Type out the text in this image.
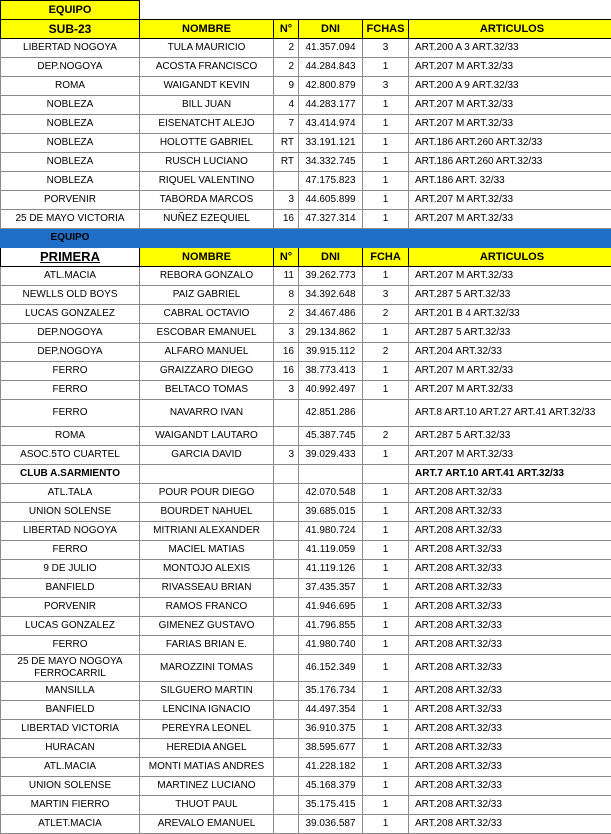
EQUIPO					
SUB-23	NOMBRE	N°	DNI	FCHAS	ARTICULOS
LIBERTAD NOGOYA	TULA MAURICIO	2	41.357.094	3	ART.200 A 3 ART.32/33
DEP.NOGOYA	ACOSTA FRANCISCO	2	44.284.843	1	ART.207 M ART.32/33
ROMA	WAIGANDT KEVIN	9	42.800.879	3	ART.200 A 9 ART.32/33
NOBLEZA	BILL JUAN	4	44.283.177	1	ART.207 M ART.32/33
NOBLEZA	EISENATCHT ALEJO	7	43.414.974	1	ART.207 M ART.32/33
NOBLEZA	HOLOTTE GABRIEL	RT	33.191.121	1	ART.186 ART.260 ART.32/33
NOBLEZA	RUSCH LUCIANO	RT	34.332.745	1	ART.186 ART.260 ART.32/33
NOBLEZA	RIQUEL VALENTINO		47.175.823	1	ART.186 ART. 32/33
PORVENIR	TABORDA MARCOS	3	44.605.899	1	ART.207 M ART.32/33
25 DE MAYO VICTORIA	NUÑEZ EZEQUIEL	16	47.327.314	1	ART.207 M ART.32/33
EQUIPO					
PRIMERA	NOMBRE	N°	DNI	FCHA	ARTICULOS
ATL.MACIA	REBORA GONZALO	11	39.262.773	1	ART.207 M ART.32/33
NEWLLS OLD BOYS	PAIZ GABRIEL	8	34.392.648	3	ART.287 5 ART.32/33
LUCAS GONZALEZ	CABRAL OCTAVIO	2	34.467.486	2	ART.201 B 4 ART.32/33
DEP.NOGOYA	ESCOBAR EMANUEL	3	29.134.862	1	ART.287 5 ART.32/33
DEP.NOGOYA	ALFARO MANUEL	16	39.915.112	2	ART.204 ART.32/33
FERRO	GRAIZZARO DIEGO	16	38.773.413	1	ART.207 M ART.32/33
FERRO	BELTACO TOMAS	3	40.992.497	1	ART.207 M ART.32/33
FERRO	NAVARRO IVAN		42.851.286		ART.8 ART.10 ART.27 ART.41 ART.32/33
ROMA	WAIGANDT LAUTARO		45.387.745	2	ART.287 5 ART.32/33
ASOC.5TO CUARTEL	GARCIA DAVID	3	39.029.433	1	ART.207 M ART.32/33
CLUB A.SARMIENTO					ART.7 ART.10 ART.41 ART.32/33
ATL.TALA	POUR POUR DIEGO		42.070.548	1	ART.208 ART.32/33
UNION SOLENSE	BOURDET NAHUEL		39.685.015	1	ART.208 ART.32/33
LIBERTAD NOGOYA	MITRIANI ALEXANDER		41.980.724	1	ART.208 ART.32/33
FERRO	MACIEL MATIAS		41.119.059	1	ART.208 ART.32/33
9 DE JULIO	MONTOJO ALEXIS		41.119.126	1	ART.208 ART.32/33
BANFIELD	RIVASSEAU BRIAN		37.435.357	1	ART.208 ART.32/33
PORVENIR	RAMOS FRANCO		41.946.695	1	ART.208 ART.32/33
LUCAS GONZALEZ	GIMENEZ GUSTAVO		41.796.855	1	ART.208 ART.32/33
FERRO	FARIAS BRIAN E.		41.980.740	1	ART.208 ART.32/33

25 DE MAYO NOGOYA
FERROCARRIL	MAROZZINI TOMAS		46.152.349	1	ART.208 ART.32/33
MANSILLA	SILGUERO MARTIN		35.176.734	1	ART.208 ART.32/33
BANFIELD	LENCINA IGNACIO		44.497.354	1	ART.208 ART.32/33
LIBERTAD VICTORIA	PEREYRA LEONEL		36.910.375	1	ART.208 ART.32/33
HURACAN	HEREDIA ANGEL		38.595.677	1	ART.208 ART.32/33
ATL.MACIA	MONTI MATIAS ANDRES		41.228.182	1	ART.208 ART.32/33
UNION SOLENSE	MARTINEZ LUCIANO		45.168.379	1	ART.208 ART.32/33
MARTIN FIERRO	THUOT PAUL		35.175.415	1	ART.208 ART.32/33
ATLET.MACIA	AREVALO EMANUEL		39.036.587	1	ART.208 ART.32/33
